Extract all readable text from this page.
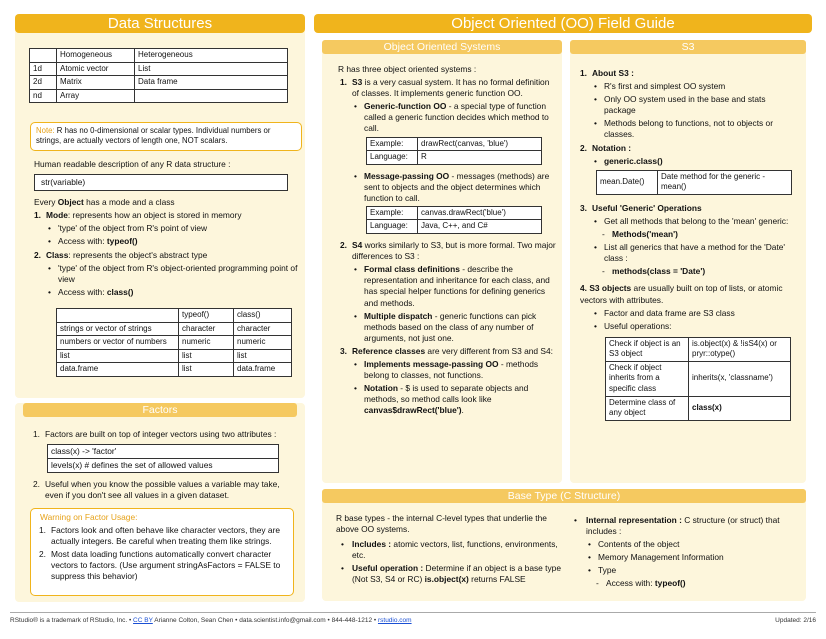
Data Structures
	Homogeneous	Heterogeneous
1d	Atomic vector	List
2d	Matrix	Data frame
nd	Array	
Note: R has no 0-dimensional or scalar types. Individual numbers or strings, are actually vectors of length one, NOT scalars.
Human readable description of any R data structure :
str(variable)
Every Object has a mode and a class
1. Mode: represents how an object is stored in memory
• 'type' of the object from R's point of view
• Access with: typeof()
2. Class: represents the object's abstract type
• 'type' of the object from R's object-oriented programming point of view
• Access with: class()
	typeof()	class()
strings or vector of strings	character	character
numbers or vector of numbers	numeric	numeric
list	list	list
data.frame	list	data.frame
Factors
1. Factors are built on top of integer vectors using two attributes :
class(x) -> 'factor'
levels(x) # defines the set of allowed values
2. Useful when you know the possible values a variable may take, even if you don't see all values in a given dataset.
Warning on Factor Usage:
1. Factors look and often behave like character vectors, they are actually integers. Be careful when treating them like strings.
2. Most data loading functions automatically convert character vectors to factors. (Use argument stringAsFactors = FALSE to suppress this behavior)
Object Oriented (OO) Field Guide
Object Oriented Systems
R has three object oriented systems :
1. S3 is a very casual system. It has no formal definition of classes. It implements generic function OO.
• Generic-function OO - a special type of function called a generic function decides which method to call.
Example:	drawRect(canvas, 'blue')
Language:	R
• Message-passing OO - messages (methods) are sent to objects and the object determines which function to call.
Example:	canvas.drawRect('blue')
Language:	Java, C++, and C#
2. S4 works similarly to S3, but is more formal. Two major differences to S3 :
• Formal class definitions - describe the representation and inheritance for each class, and has special helper functions for defining generics and methods.
• Multiple dispatch - generic functions can pick methods based on the class of any number of arguments, not just one.
3. Reference classes are very different from S3 and S4:
• Implements message-passing OO - methods belong to classes, not functions.
• Notation - $ is used to separate objects and methods, so method calls look like canvas$drawRect('blue').
S3
1. About S3 :
• R's first and simplest OO system
• Only OO system used in the base and stats package
• Methods belong to functions, not to objects or classes.
2. Notation :
• generic.class()
mean.Date()	Date method for the generic - mean()
3. Useful 'Generic' Operations
• Get all methods that belong to the 'mean' generic:
- Methods('mean')
• List all generics that have a method for the 'Date' class :
- methods(class = 'Date')
4. S3 objects are usually built on top of lists, or atomic vectors with attributes.
• Factor and data frame are S3 class
• Useful operations:
Check if object is an S3 object	is.object(x) & !isS4(x) or pryr::otype()
Check if object inherits from a specific class	inherits(x, 'classname')
Determine class of any object	class(x)
Base Type (C Structure)
R base types - the internal C-level types that underlie the above OO systems.
• Includes : atomic vectors, list, functions, environments, etc.
• Useful operation : Determine if an object is a base type (Not S3, S4 or RC) is.object(x) returns FALSE
• Internal representation : C structure (or struct) that includes :
• Contents of the object
• Memory Management Information
• Type
- Access with: typeof()
RStudio® is a trademark of RStudio, Inc. • CC BY Arianne Colton, Sean Chen • data.scientist.info@gmail.com • 844-448-1212 • rstudio.com	Updated: 2/16
